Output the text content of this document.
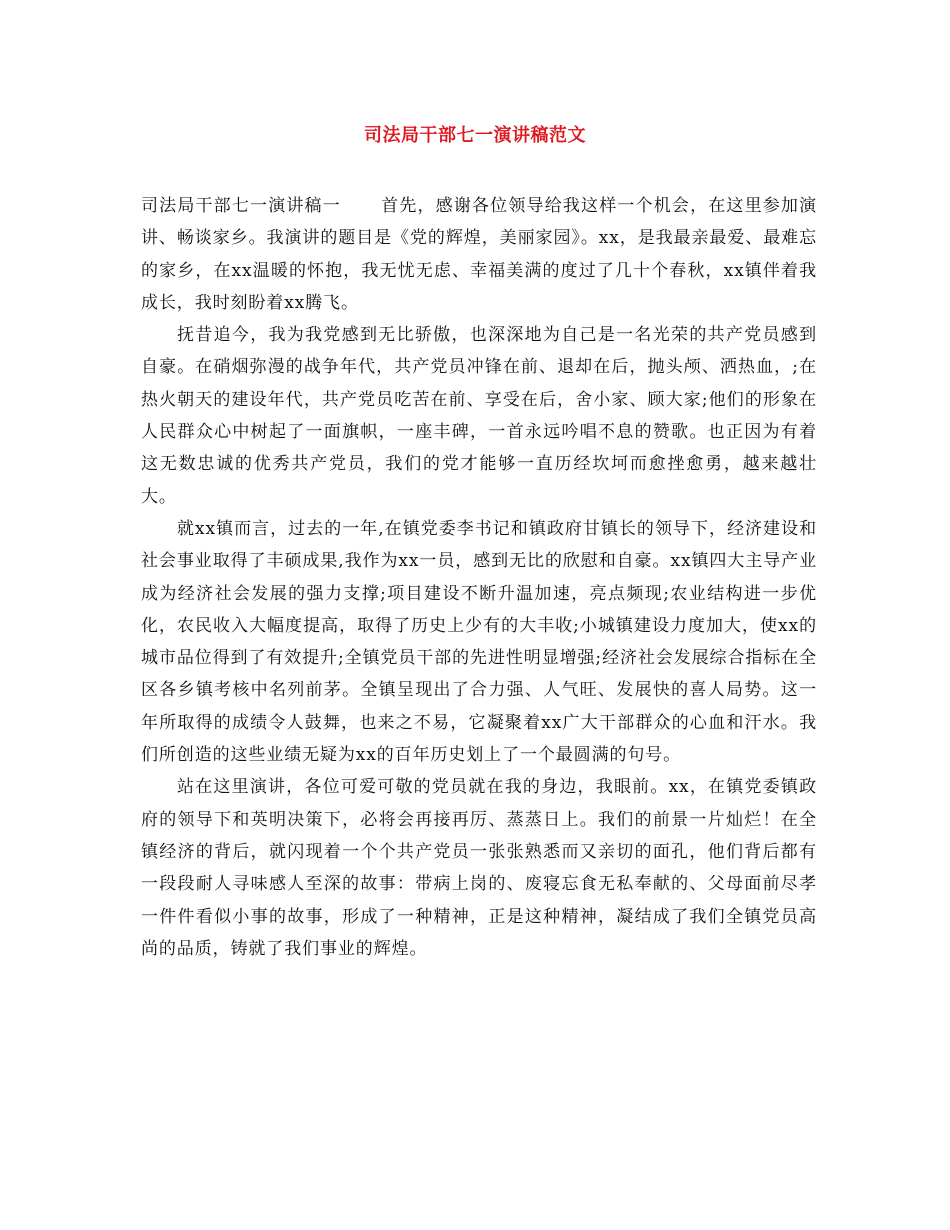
司法局干部七一演讲稿范文

司法局干部七一演讲稿一 首先，感谢各位领导给我这样一个机会，在这里参加演讲、畅谈家乡。我演讲的题目是《党的辉煌，美丽家园》。xx，是我最亲最爱、最难忘的家乡，在xx温暖的怀抱，我无忧无虑、幸福美满的度过了几十个春秋，xx镇伴着我成长，我时刻盼着xx腾飞。

抚昔追今，我为我党感到无比骄傲，也深深地为自己是一名光荣的共产党员感到自豪。在硝烟弥漫的战争年代，共产党员冲锋在前、退却在后，抛头颅、洒热血，;在热火朝天的建设年代，共产党员吃苦在前、享受在后，舍小家、顾大家;他们的形象在人民群众心中树起了一面旗帜，一座丰碑，一首永远吟唱不息的赞歌。也正因为有着这无数忠诚的优秀共产党员，我们的党才能够一直历经坎坷而愈挫愈勇，越来越壮大。

就xx镇而言，过去的一年,在镇党委李书记和镇政府甘镇长的领导下，经济建设和社会事业取得了丰硕成果,我作为xx一员，感到无比的欣慰和自豪。xx镇四大主导产业成为经济社会发展的强力支撑;项目建设不断升温加速，亮点频现;农业结构进一步优化，农民收入大幅度提高，取得了历史上少有的大丰收;小城镇建设力度加大，使xx的城市品位得到了有效提升;全镇党员干部的先进性明显增强;经济社会发展综合指标在全区各乡镇考核中名列前茅。全镇呈现出了合力强、人气旺、发展快的喜人局势。这一年所取得的成绩令人鼓舞，也来之不易，它凝聚着xx广大干部群众的心血和汗水。我们所创造的这些业绩无疑为xx的百年历史划上了一个最圆满的句号。

站在这里演讲，各位可爱可敬的党员就在我的身边，我眼前。xx，在镇党委镇政府的领导下和英明决策下，必将会再接再厉、蒸蒸日上。我们的前景一片灿烂！在全镇经济的背后，就闪现着一个个共产党员一张张熟悉而又亲切的面孔，他们背后都有一段段耐人寻味感人至深的故事：带病上岗的、废寝忘食无私奉献的、父母面前尽孝一件件看似小事的故事，形成了一种精神，正是这种精神，凝结成了我们全镇党员高尚的品质，铸就了我们事业的辉煌。
